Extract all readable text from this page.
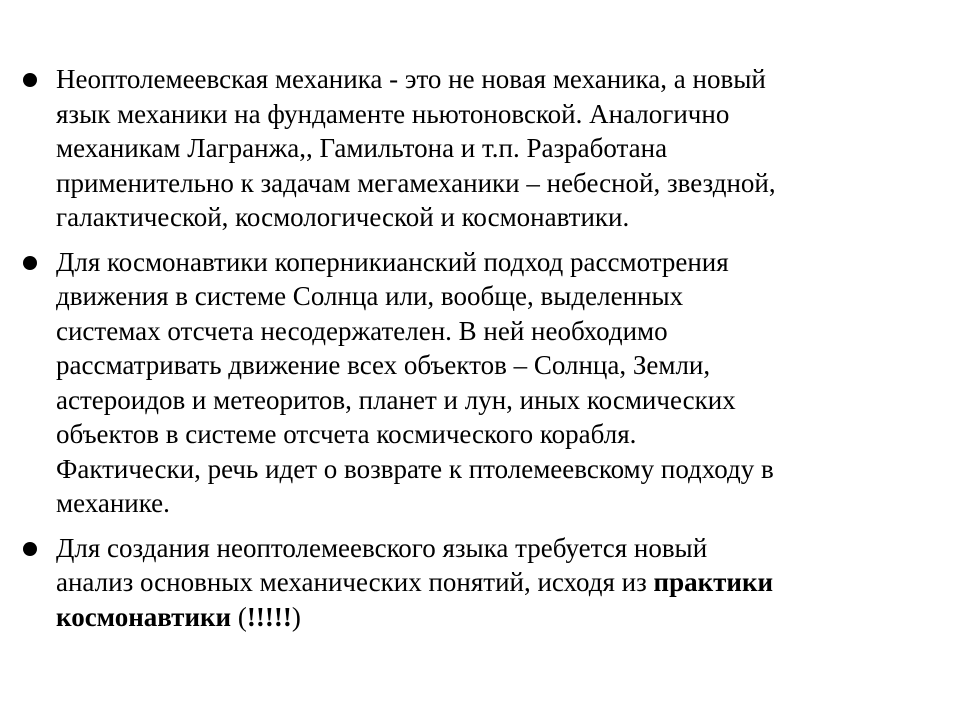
Неоптолемеевская механика - это не новая механика, а новый
язык механики на фундаменте ньютоновской. Аналогично
механикам Лагранжа,, Гамильтона и т.п. Разработана
применительно к задачам мегамеханики – небесной, звездной,
галактической, космологической и космонавтики.
Для космонавтики коперникианский подход рассмотрения
движения в системе Солнца или, вообще, выделенных
системах отсчета несодержателен. В ней необходимо
рассматривать движение всех объектов – Солнца, Земли,
астероидов и метеоритов, планет и лун, иных космических
объектов в системе отсчета космического корабля.
Фактически, речь идет о возврате к птолемеевскому подходу в
механике.
Для создания неоптолемеевского языка требуется новый
анализ основных механических понятий, исходя из практики
космонавтики (!!!!!)
